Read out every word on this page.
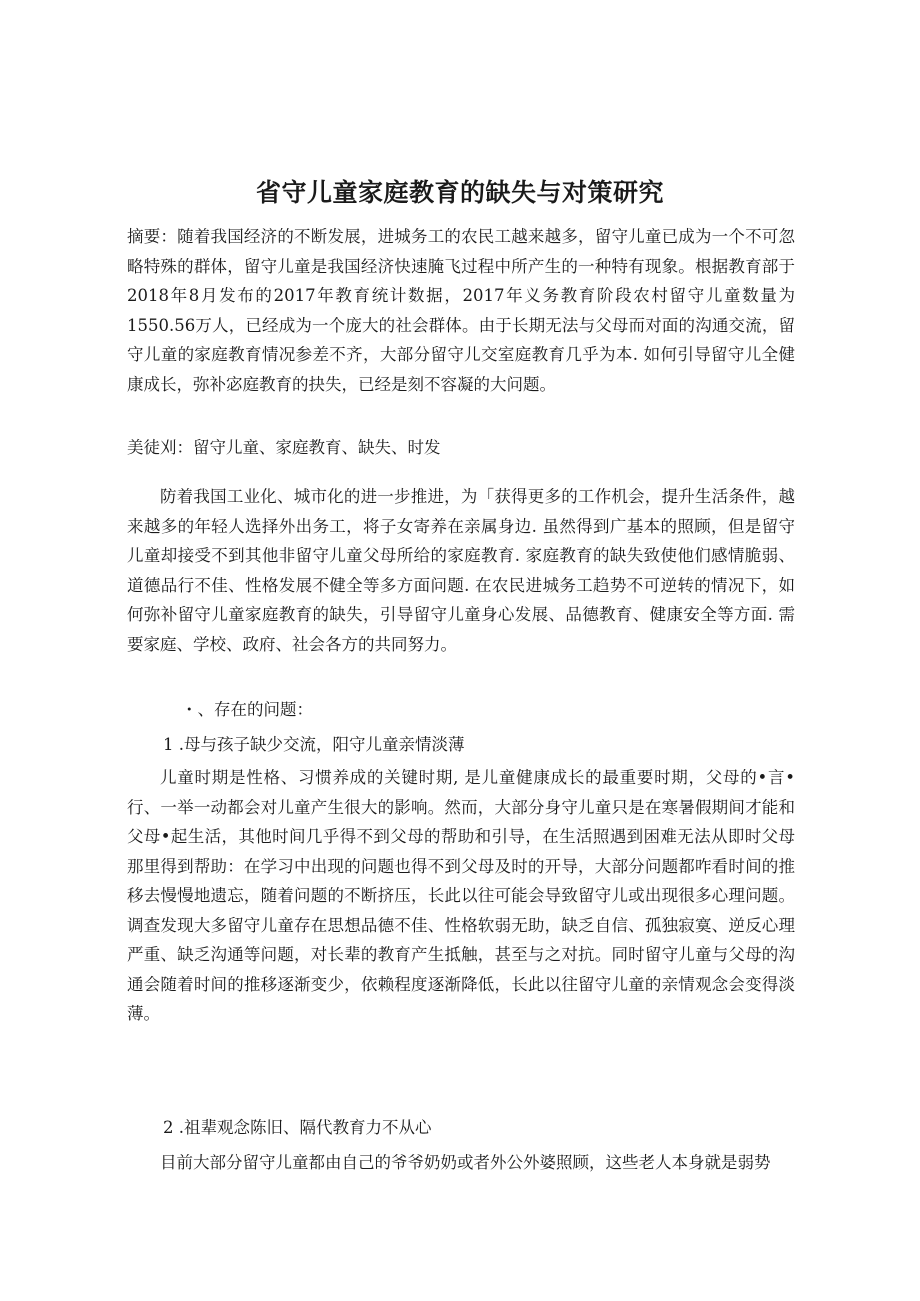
省守儿童家庭教育的缺失与对策研究

摘要：随着我国经济的不断发展，进城务工的农民工越来越多，留守儿童已成为一个不可忽略特殊的群体，留守儿童是我国经济快速腌飞过程中所产生的一种特有现象。根据教育部于2018年8月发布的2017年教育统计数据，2017年义务教育阶段农村留守儿童数量为1550.56万人，已经成为一个庞大的社会群体。由于长期无法与父母而对面的沟通交流，留守儿童的家庭教育情况参差不齐，大部分留守儿交室庭教育几乎为本. 如何引导留守儿全健康成长，弥补宓庭教育的抉失，已经是刻不容凝的大问题。

美徒刈：留守儿童、家庭教育、缺失、时发

防着我国工业化、城市化的进一步推进，为「获得更多的工作机会，提升生活条件，越来越多的年轻人选择外出务工，将子女寄养在亲属身边. 虽然得到广基本的照顾，但是留守儿童却接受不到其他非留守儿童父母所给的家庭教育. 家庭教育的缺失致使他们感情脆弱、道德品行不佳、性格发展不健全等多方面问题. 在农民进城务工趋势不可逆转的情况下，如何弥补留守儿童家庭教育的缺失，引导留守儿童身心发展、品德教育、健康安全等方面. 需要家庭、学校、政府、社会各方的共同努力。

・、存在的问题：

1 .母与孩子缺少交流，阳守儿童亲情淡薄

儿童时期是性格、习惯养成的关键时期, 是儿童健康成长的最重要时期，父母的•言•行、一举一动都会对儿童产生很大的影响。然而，大部分身守儿童只是在寒暑假期间才能和父母•起生活，其他时间几乎得不到父母的帮助和引导，在生活照遇到困难无法从即时父母那里得到帮助：在学习中出现的问题也得不到父母及时的开导，大部分问题都咋看时间的推移去慢慢地遗忘，随着问题的不断挤压，长此以往可能会导致留守儿或出现很多心理问题。调查发现大多留守儿童存在思想品德不佳、性格软弱无助，缺乏自信、孤独寂寞、逆反心理严重、缺乏沟通等问题，对长辈的教育产生抵触，甚至与之对抗。同时留守儿童与父母的沟通会随着时间的推移逐渐变少，依赖程度逐渐降低，长此以往留守儿童的亲情观念会变得淡薄。

2 .祖辈观念陈旧、隔代教育力不从心

目前大部分留守儿童都由自己的爷爷奶奶或者外公外婆照顾，这些老人本身就是弱势
